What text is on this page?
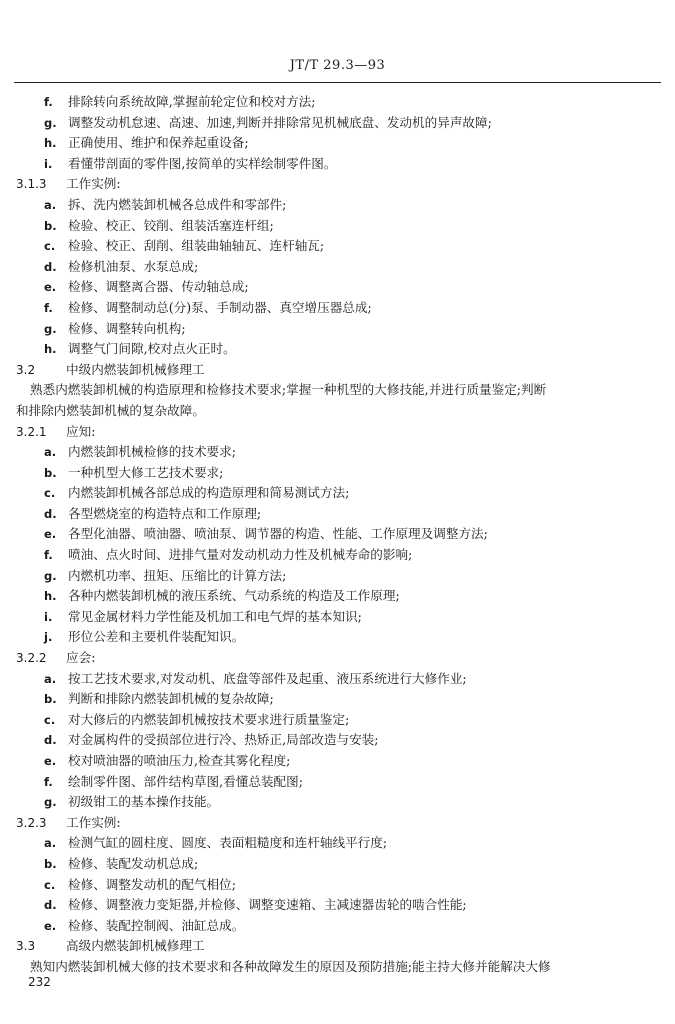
JT/T 29.3—93
f. 排除转向系统故障,掌握前轮定位和校对方法;
g. 调整发动机怠速、高速、加速,判断并排除常见机械底盘、发动机的异声故障;
h. 正确使用、维护和保养起重设备;
i. 看懂带剖面的零件图,按简单的实样绘制零件图。
3.1.3 工作实例:
a. 拆、洗内燃装卸机械各总成件和零部件;
b. 检验、校正、铰削、组装活塞连杆组;
c. 检验、校正、刮削、组装曲轴轴瓦、连杆轴瓦;
d. 检修机油泵、水泵总成;
e. 检修、调整离合器、传动轴总成;
f. 检修、调整制动总(分)泵、手制动器、真空增压器总成;
g. 检修、调整转向机构;
h. 调整气门间隙,校对点火正时。
3.2 中级内燃装卸机械修理工
熟悉内燃装卸机械的构造原理和检修技术要求;掌握一种机型的大修技能,并进行质量鉴定;判断
和排除内燃装卸机械的复杂故障。
3.2.1 应知:
a. 内燃装卸机械检修的技术要求;
b. 一种机型大修工艺技术要求;
c. 内燃装卸机械各部总成的构造原理和简易测试方法;
d. 各型燃烧室的构造特点和工作原理;
e. 各型化油器、喷油器、喷油泵、调节器的构造、性能、工作原理及调整方法;
f. 喷油、点火时间、进排气量对发动机动力性及机械寿命的影响;
g. 内燃机功率、扭矩、压缩比的计算方法;
h. 各种内燃装卸机械的液压系统、气动系统的构造及工作原理;
i. 常见金属材料力学性能及机加工和电气焊的基本知识;
j. 形位公差和主要机件装配知识。
3.2.2 应会:
a. 按工艺技术要求,对发动机、底盘等部件及起重、液压系统进行大修作业;
b. 判断和排除内燃装卸机械的复杂故障;
c. 对大修后的内燃装卸机械按技术要求进行质量鉴定;
d. 对金属构件的受损部位进行冷、热矫正,局部改造与安装;
e. 校对喷油器的喷油压力,检查其雾化程度;
f. 绘制零件图、部件结构草图,看懂总装配图;
g. 初级钳工的基本操作技能。
3.2.3 工作实例:
a. 检测气缸的圆柱度、圆度、表面粗糙度和连杆轴线平行度;
b. 检修、装配发动机总成;
c. 检修、调整发动机的配气相位;
d. 检修、调整液力变矩器,并检修、调整变速箱、主减速器齿轮的啮合性能;
e. 检修、装配控制阀、油缸总成。
3.3 高级内燃装卸机械修理工
熟知内燃装卸机械大修的技术要求和各种故障发生的原因及预防措施;能主持大修并能解决大修
232
